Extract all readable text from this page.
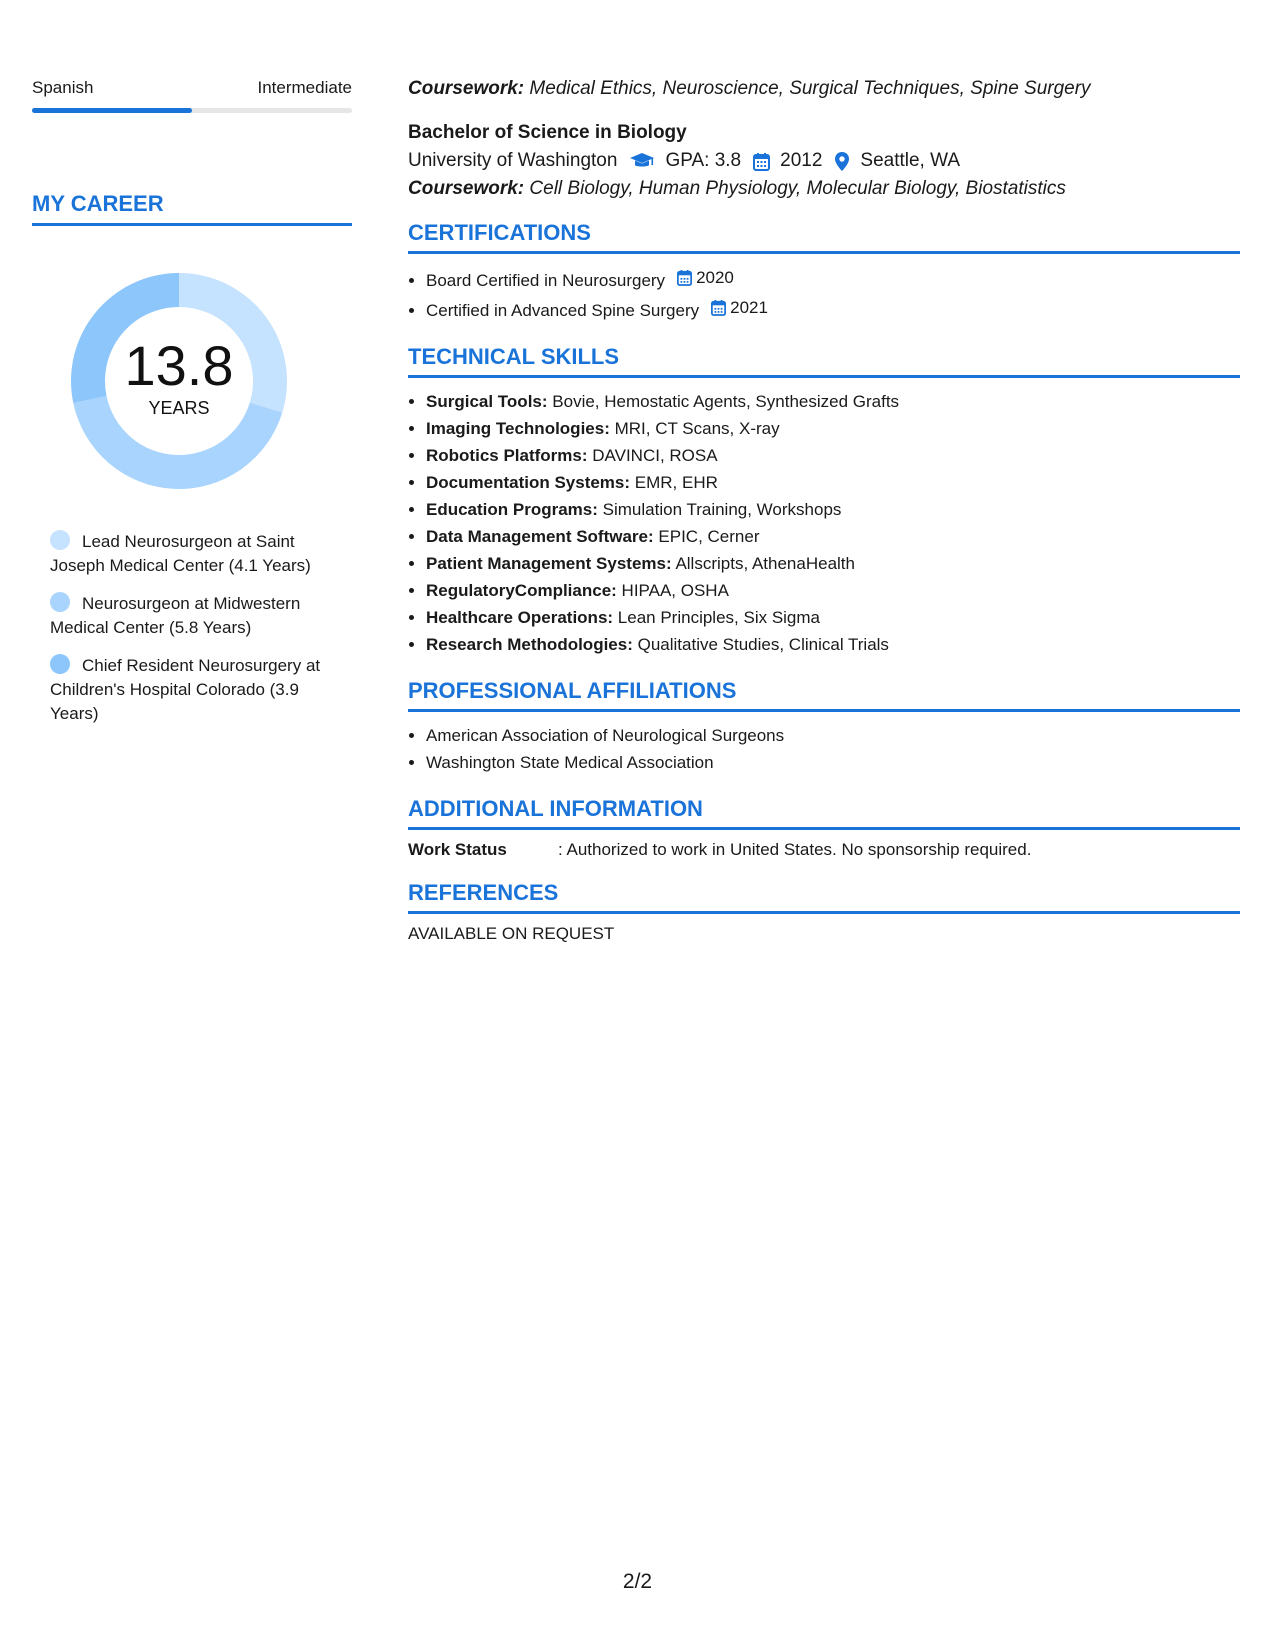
Spanish	Intermediate
MY CAREER
13.8
YEARS
Lead Neurosurgeon at Saint Joseph Medical Center (4.1 Years)
Neurosurgeon at Midwestern Medical Center (5.8 Years)
Chief Resident Neurosurgery at Children's Hospital Colorado (3.9 Years)
Coursework: Medical Ethics, Neuroscience, Surgical Techniques, Spine Surgery
Bachelor of Science in Biology
University of Washington	GPA: 3.8 2012 Seattle, WA
Coursework: Cell Biology, Human Physiology, Molecular Biology, Biostatistics
CERTIFICATIONS
• Board Certified in Neurosurgery 2020
• Certified in Advanced Spine Surgery 2021
TECHNICAL SKILLS
• Surgical Tools: Bovie, Hemostatic Agents, Synthesized Grafts
• Imaging Technologies: MRI, CT Scans, X-ray
• Robotics Platforms: DAVINCI, ROSA
• Documentation Systems: EMR, EHR
• Education Programs: Simulation Training, Workshops
• Data Management Software: EPIC, Cerner
• Patient Management Systems: Allscripts, AthenaHealth
• RegulatoryCompliance: HIPAA, OSHA
• Healthcare Operations: Lean Principles, Six Sigma
• Research Methodologies: Qualitative Studies, Clinical Trials
PROFESSIONAL AFFILIATIONS
• American Association of Neurological Surgeons
• Washington State Medical Association
ADDITIONAL INFORMATION
Work Status	: Authorized to work in United States. No sponsorship required.
REFERENCES
AVAILABLE ON REQUEST
2/2
